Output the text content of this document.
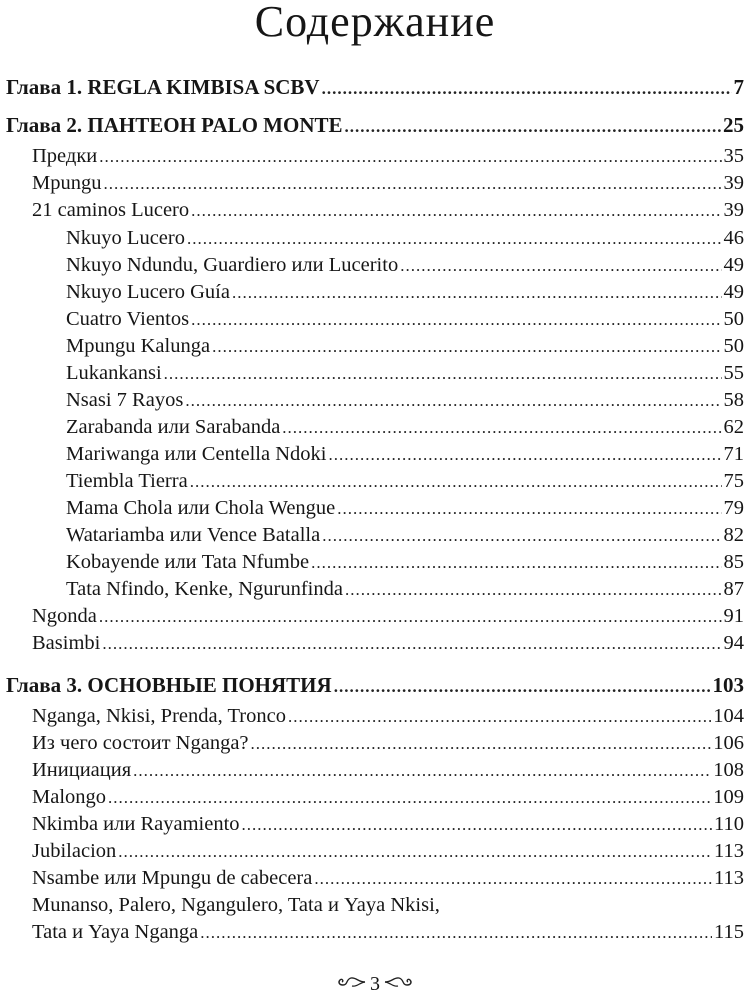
Содержание
Глава 1. REGLA KIMBISA SCBV .....	7
Глава 2. ПАНТЕОН PALO MONTE .....	25
Предки .....	35
Mpungu .....	39
21 caminos Lucero .....	39
Nkuyo Lucero .....	46
Nkuyo Ndundu, Guardiero или Lucerito .....	49
Nkuyo Lucero Guía .....	49
Cuatro Vientos .....	50
Mpungu Kalunga .....	50
Lukankansi .....	55
Nsasi 7 Rayos .....	58
Zarabanda или Sarabanda .....	62
Mariwanga или Centella Ndoki .....	71
Tiembla Tierra .....	75
Mama Chola или Chola Wengue .....	79
Watariamba или Vence Batalla .....	82
Kobayende или Tata Nfumbe .....	85
Tata Nfindo, Kenke, Ngurunfinda .....	87
Ngonda .....	91
Basimbi .....	94
Глава 3. ОСНОВНЫЕ ПОНЯТИЯ .....	103
Nganga, Nkisi, Prenda, Tronco .....	104
Из чего состоит Nganga? .....	106
Инициация .....	108
Malongo .....	109
Nkimba или Rayamiento .....	110
Jubilacion .....	113
Nsambe или Mpungu de cabecera .....	113
Munanso, Palero, Ngangulero, Tata и Yaya Nkisi,
Tata и Yaya Nganga .....	115
3
